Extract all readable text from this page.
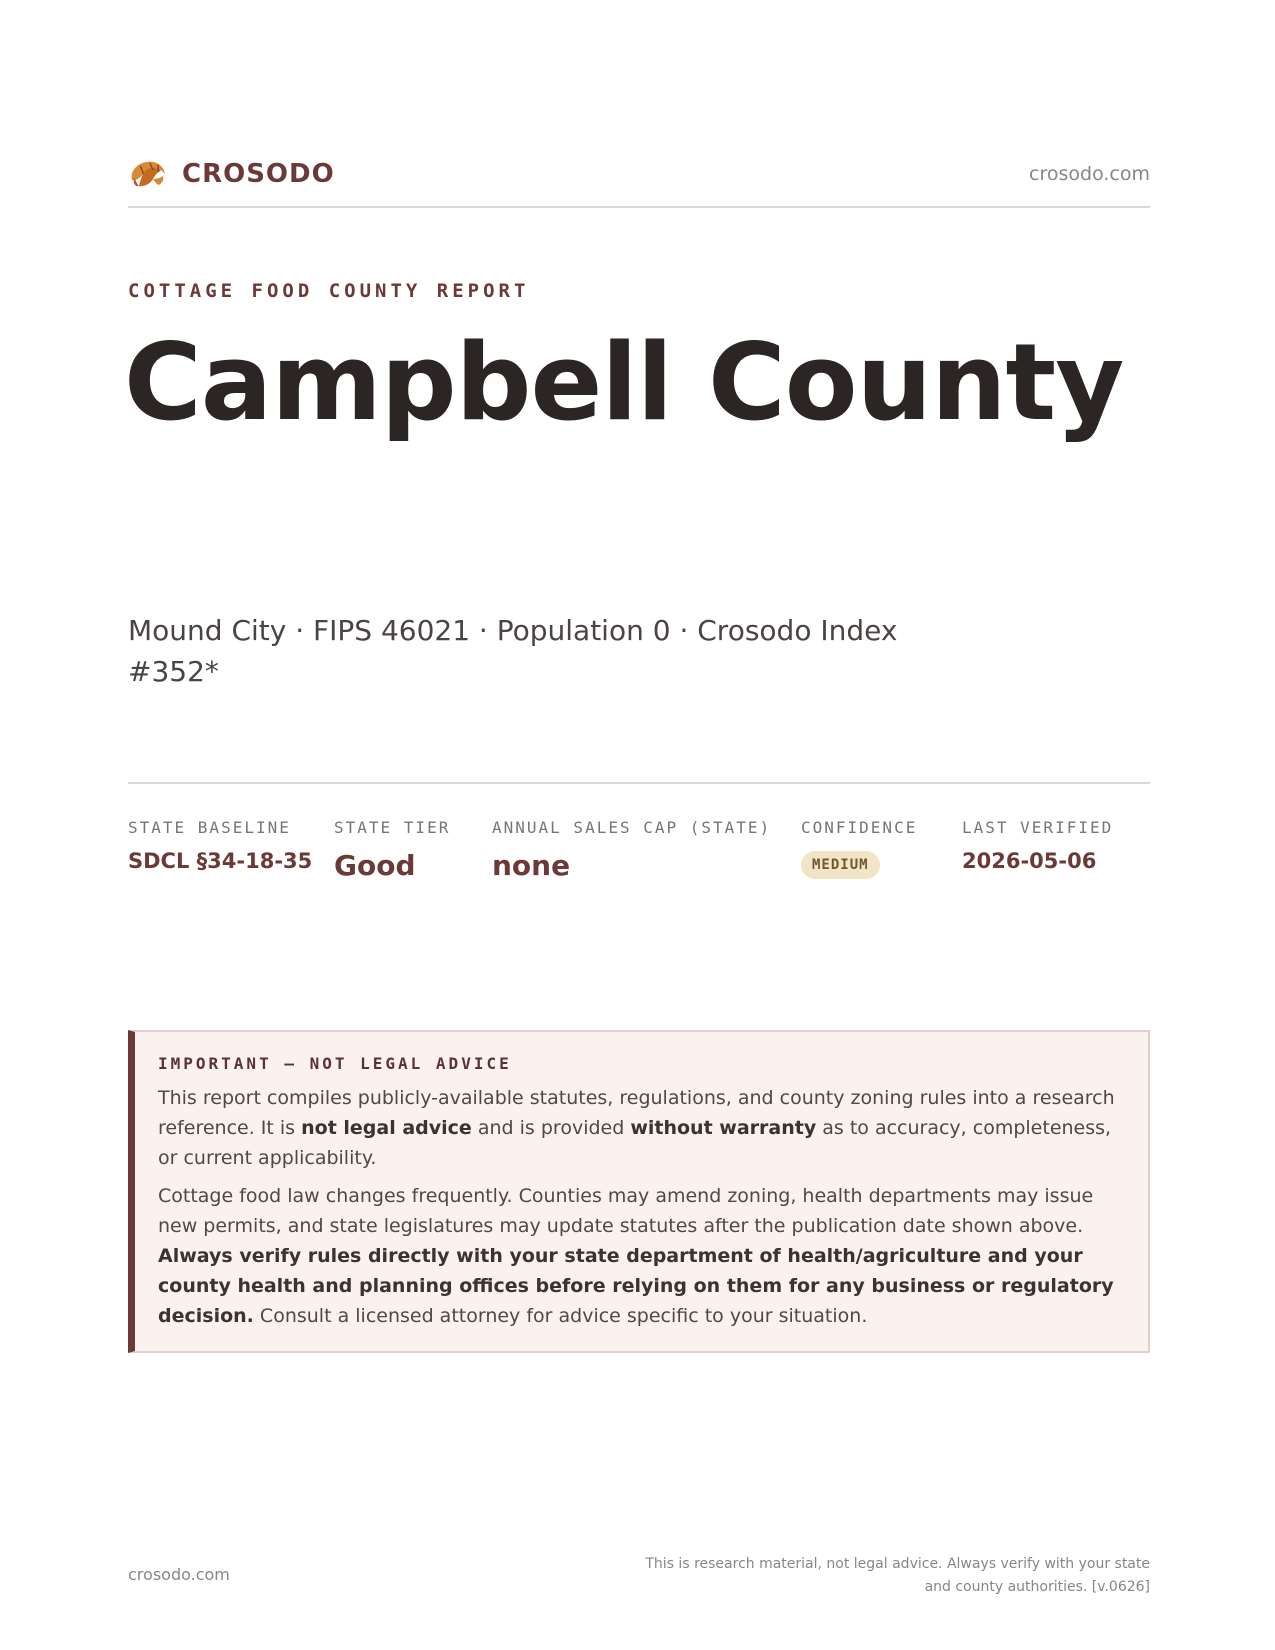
CROSODO	crosodo.com
COTTAGE FOOD COUNTY REPORT
Campbell County
Mound City · FIPS 46021 · Population 0 · Crosodo Index #352*
STATE BASELINE
SDCL §34-18-35
STATE TIER
Good
ANNUAL SALES CAP (STATE)
none
CONFIDENCE
MEDIUM
LAST VERIFIED
2026-05-06
IMPORTANT — NOT LEGAL ADVICE

This report compiles publicly-available statutes, regulations, and county zoning rules into a research reference. It is not legal advice and is provided without warranty as to accuracy, completeness, or current applicability.

Cottage food law changes frequently. Counties may amend zoning, health departments may issue new permits, and state legislatures may update statutes after the publication date shown above. Always verify rules directly with your state department of health/agriculture and your county health and planning offices before relying on them for any business or regulatory decision. Consult a licensed attorney for advice specific to your situation.

crosodo.com
This is research material, not legal advice. Always verify with your state and county authorities. [v.0626]
